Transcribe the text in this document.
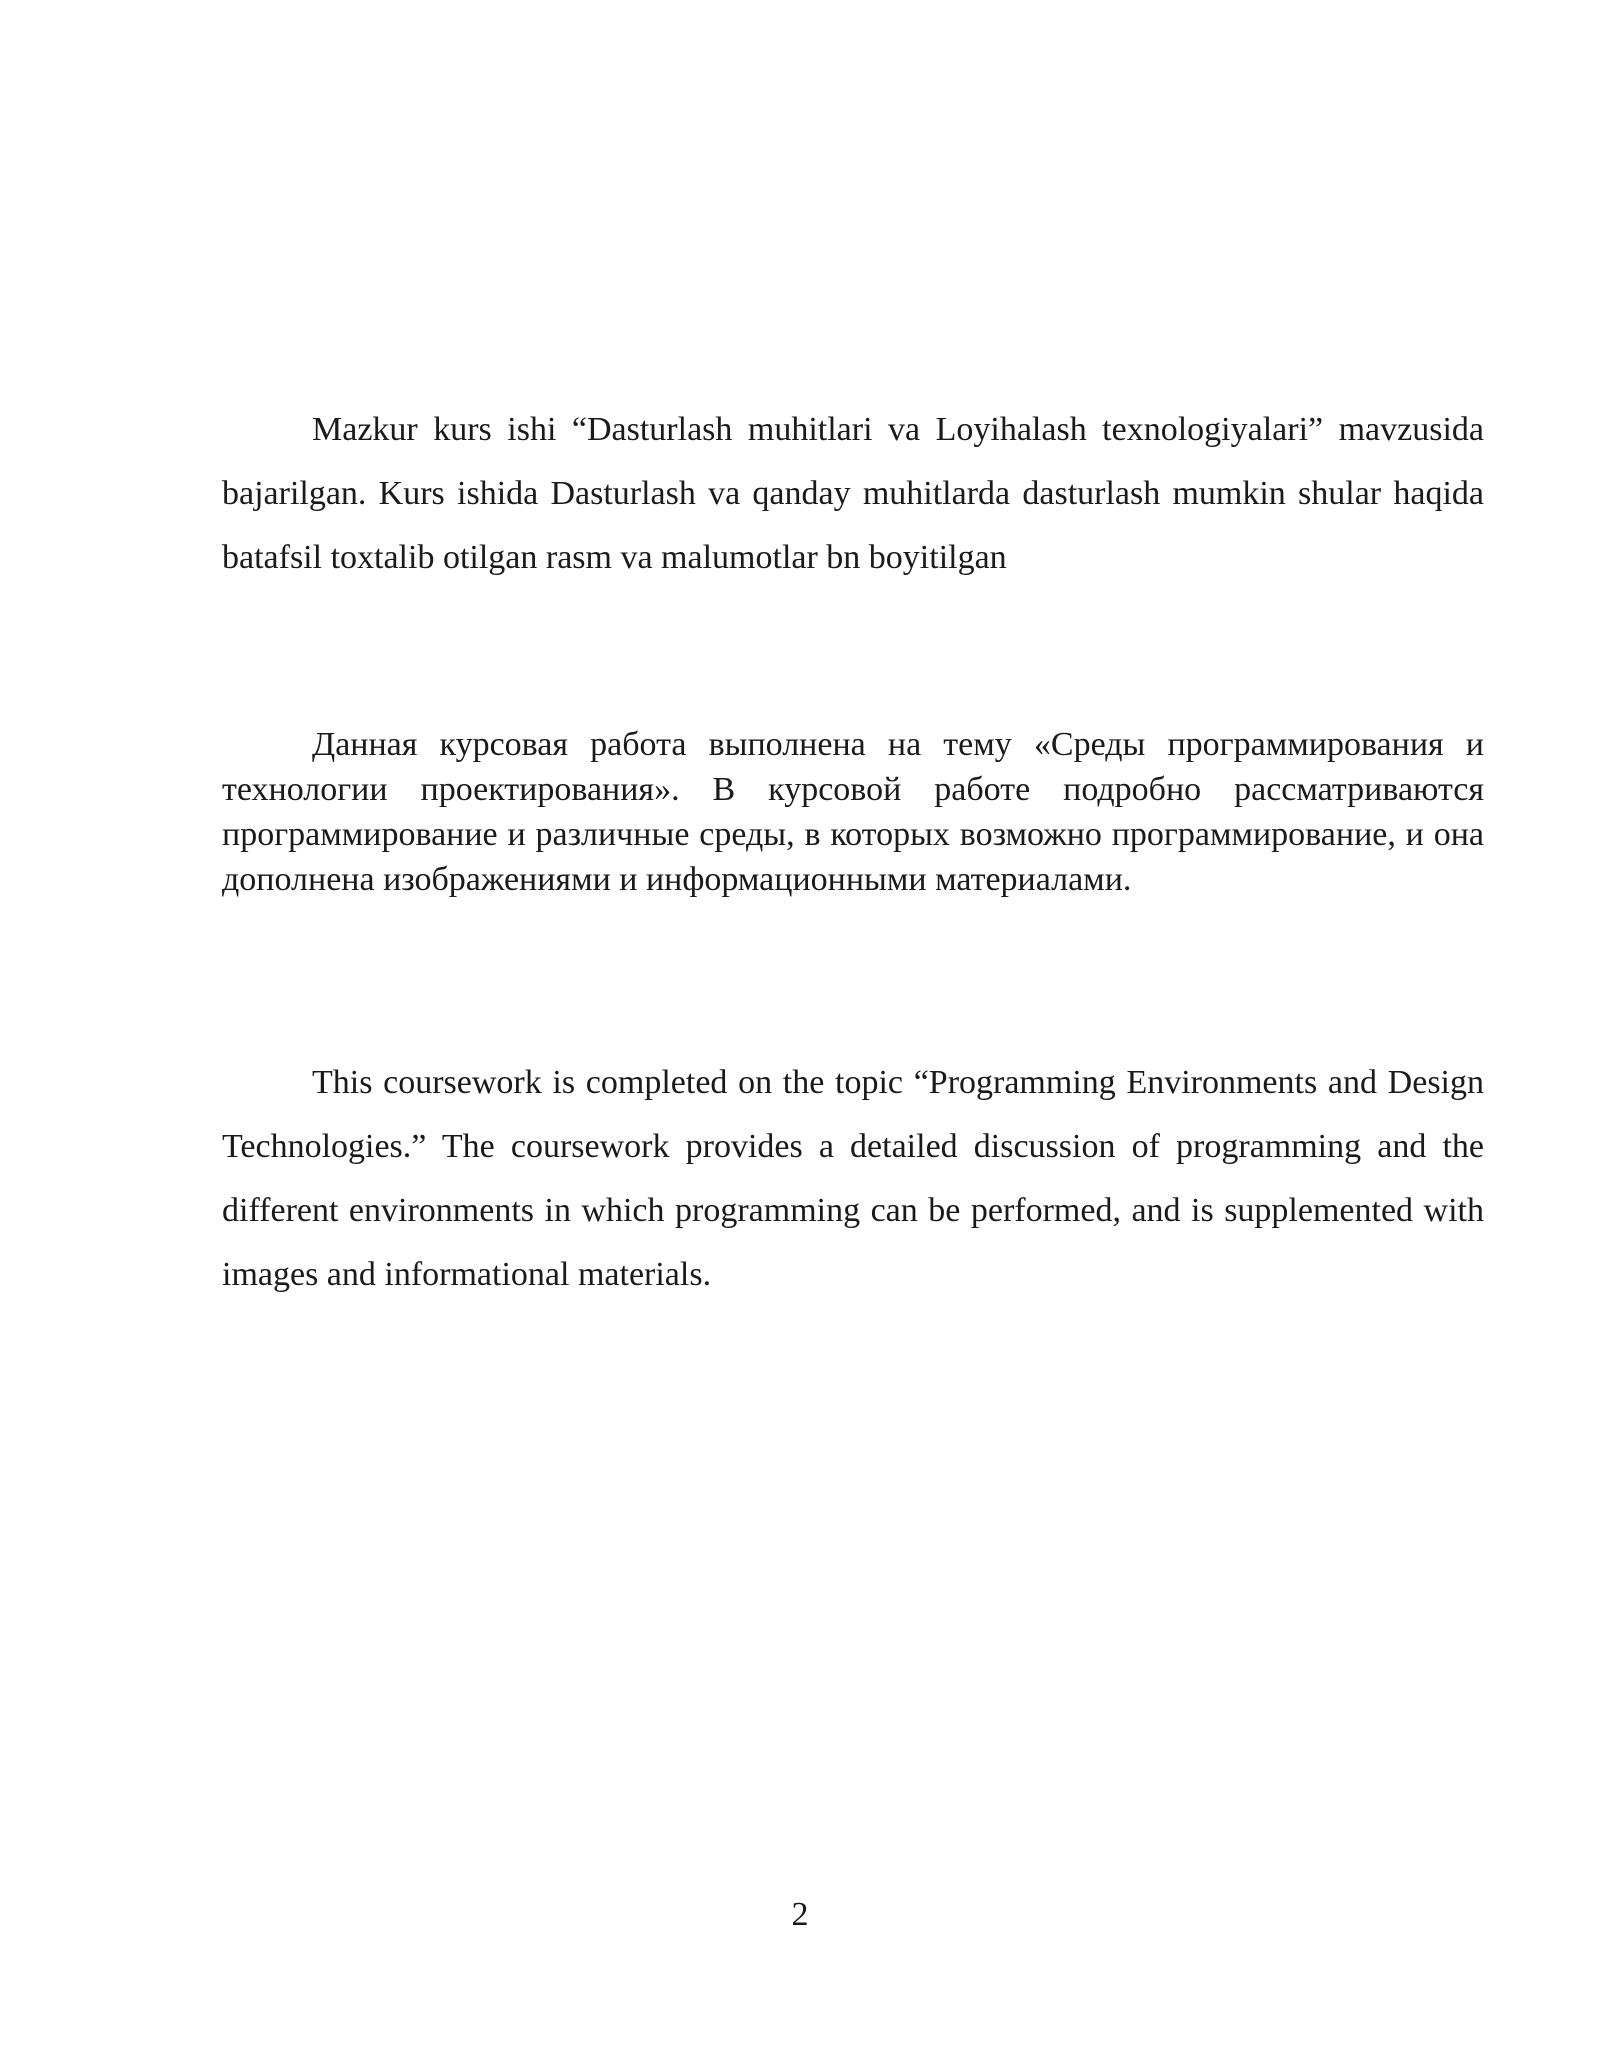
Mazkur kurs ishi “Dasturlash muhitlari va Loyihalash texnologiyalari” mavzusida bajarilgan. Kurs ishida Dasturlash va qanday muhitlarda dasturlash mumkin shular haqida batafsil toxtalib otilgan rasm va malumotlar bn boyitilgan

Данная курсовая работа выполнена на тему «Среды программирования и технологии проектирования». В курсовой работе подробно рассматриваются программирование и различные среды, в которых возможно программирование, и она дополнена изображениями и информационными материалами.

This coursework is completed on the topic “Programming Environments and Design Technologies.” The coursework provides a detailed discussion of programming and the different environments in which programming can be performed, and is supplemented with images and informational materials.

2
